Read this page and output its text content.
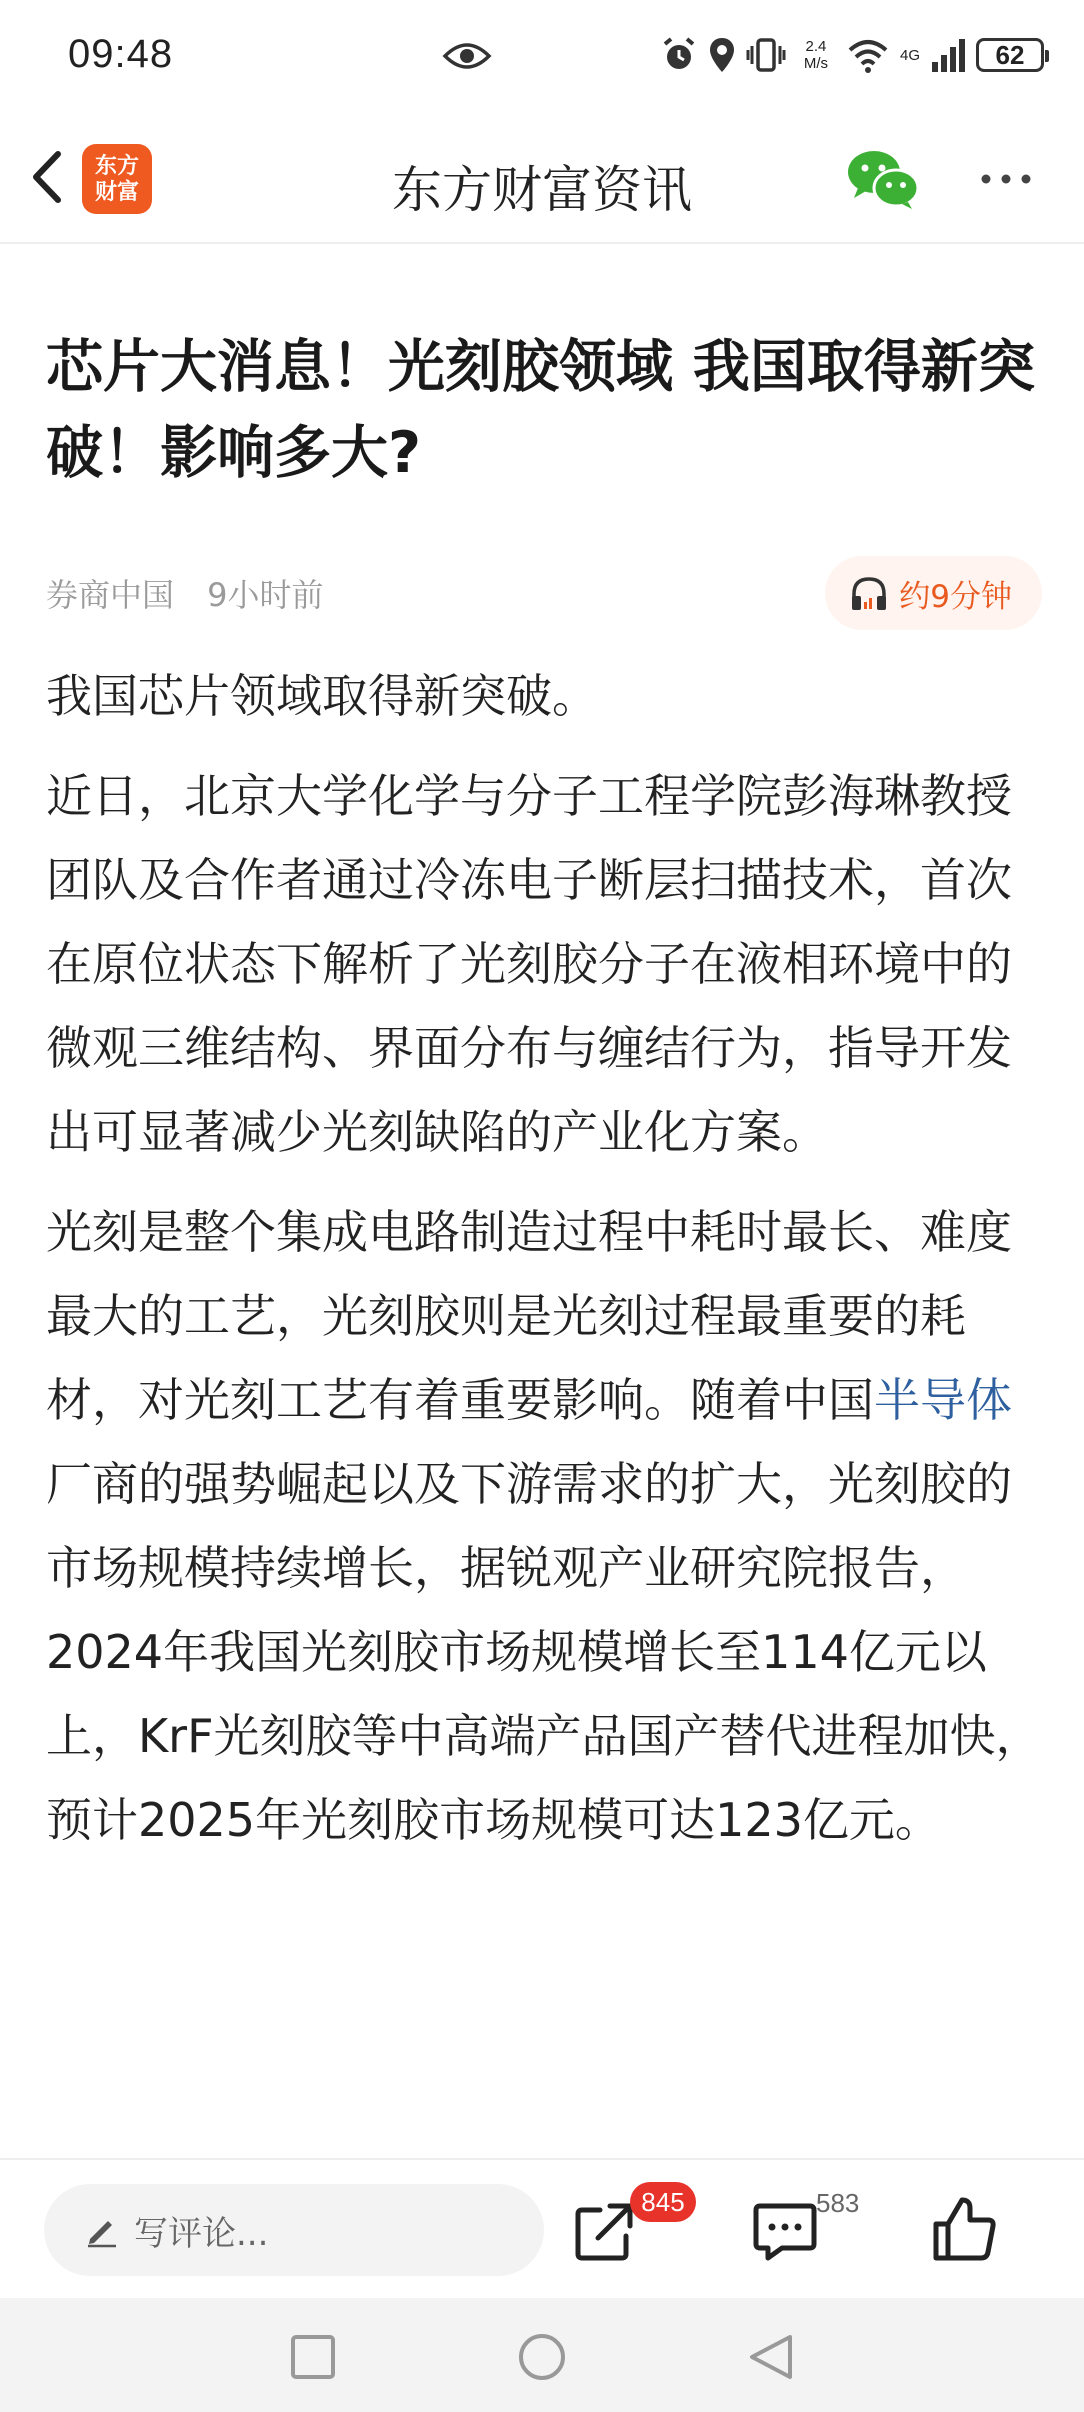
09:48	2.4
M/s	4G	62
东方
财富	东方财富资讯
芯片大消息！光刻胶领域 我国取得新突破！影响多大?
券商中国 9小时前	约9分钟

我国芯片领域取得新突破。

近日，北京大学化学与分子工程学院彭海琳教授团队及合作者通过冷冻电子断层扫描技术，首次在原位状态下解析了光刻胶分子在液相环境中的微观三维结构、界面分布与缠结行为，指导开发出可显著减少光刻缺陷的产业化方案。

光刻是整个集成电路制造过程中耗时最长、难度最大的工艺，光刻胶则是光刻过程最重要的耗材，对光刻工艺有着重要影响。随着中国半导体厂商的强势崛起以及下游需求的扩大，光刻胶的市场规模持续增长，据锐观产业研究院报告，2024年我国光刻胶市场规模增长至114亿元以上，KrF光刻胶等中高端产品国产替代进程加快，预计2025年光刻胶市场规模可达123亿元。

写评论...
845	583
